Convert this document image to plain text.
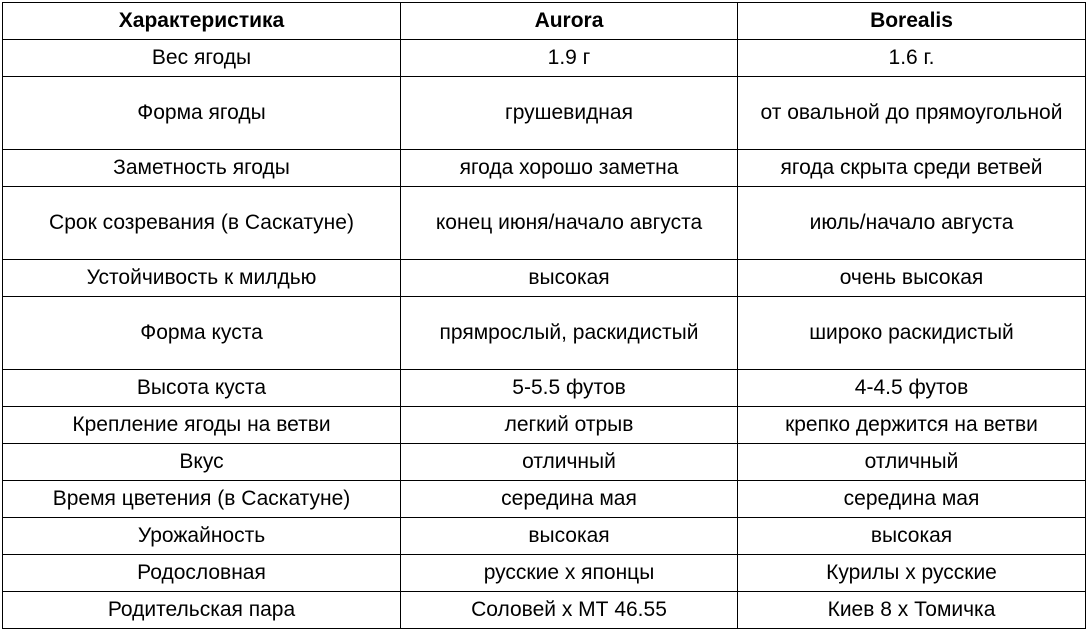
Характеристика	Aurora	Borealis
Вес ягоды	1.9 г	1.6 г.
Форма ягоды	грушевидная	от овальной до прямоугольной
Заметность ягоды	ягода хорошо заметна	ягода скрыта среди ветвей
Срок созревания (в Саскатуне)	конец июня/начало августа	июль/начало августа
Устойчивость к милдью	высокая	очень высокая
Форма куста	прямрослый, раскидистый	широко раскидистый
Высота куста	5-5.5 футов	4-4.5 футов
Крепление ягоды на ветви	легкий отрыв	крепко держится на ветви
Вкус	отличный	отличный
Время цветения (в Саскатуне)	середина мая	середина мая
Урожайность	высокая	высокая
Родословная	русские х японцы	Курилы х русские
Родительская пара	Соловей х МТ 46.55	Киев 8 х Томичка
